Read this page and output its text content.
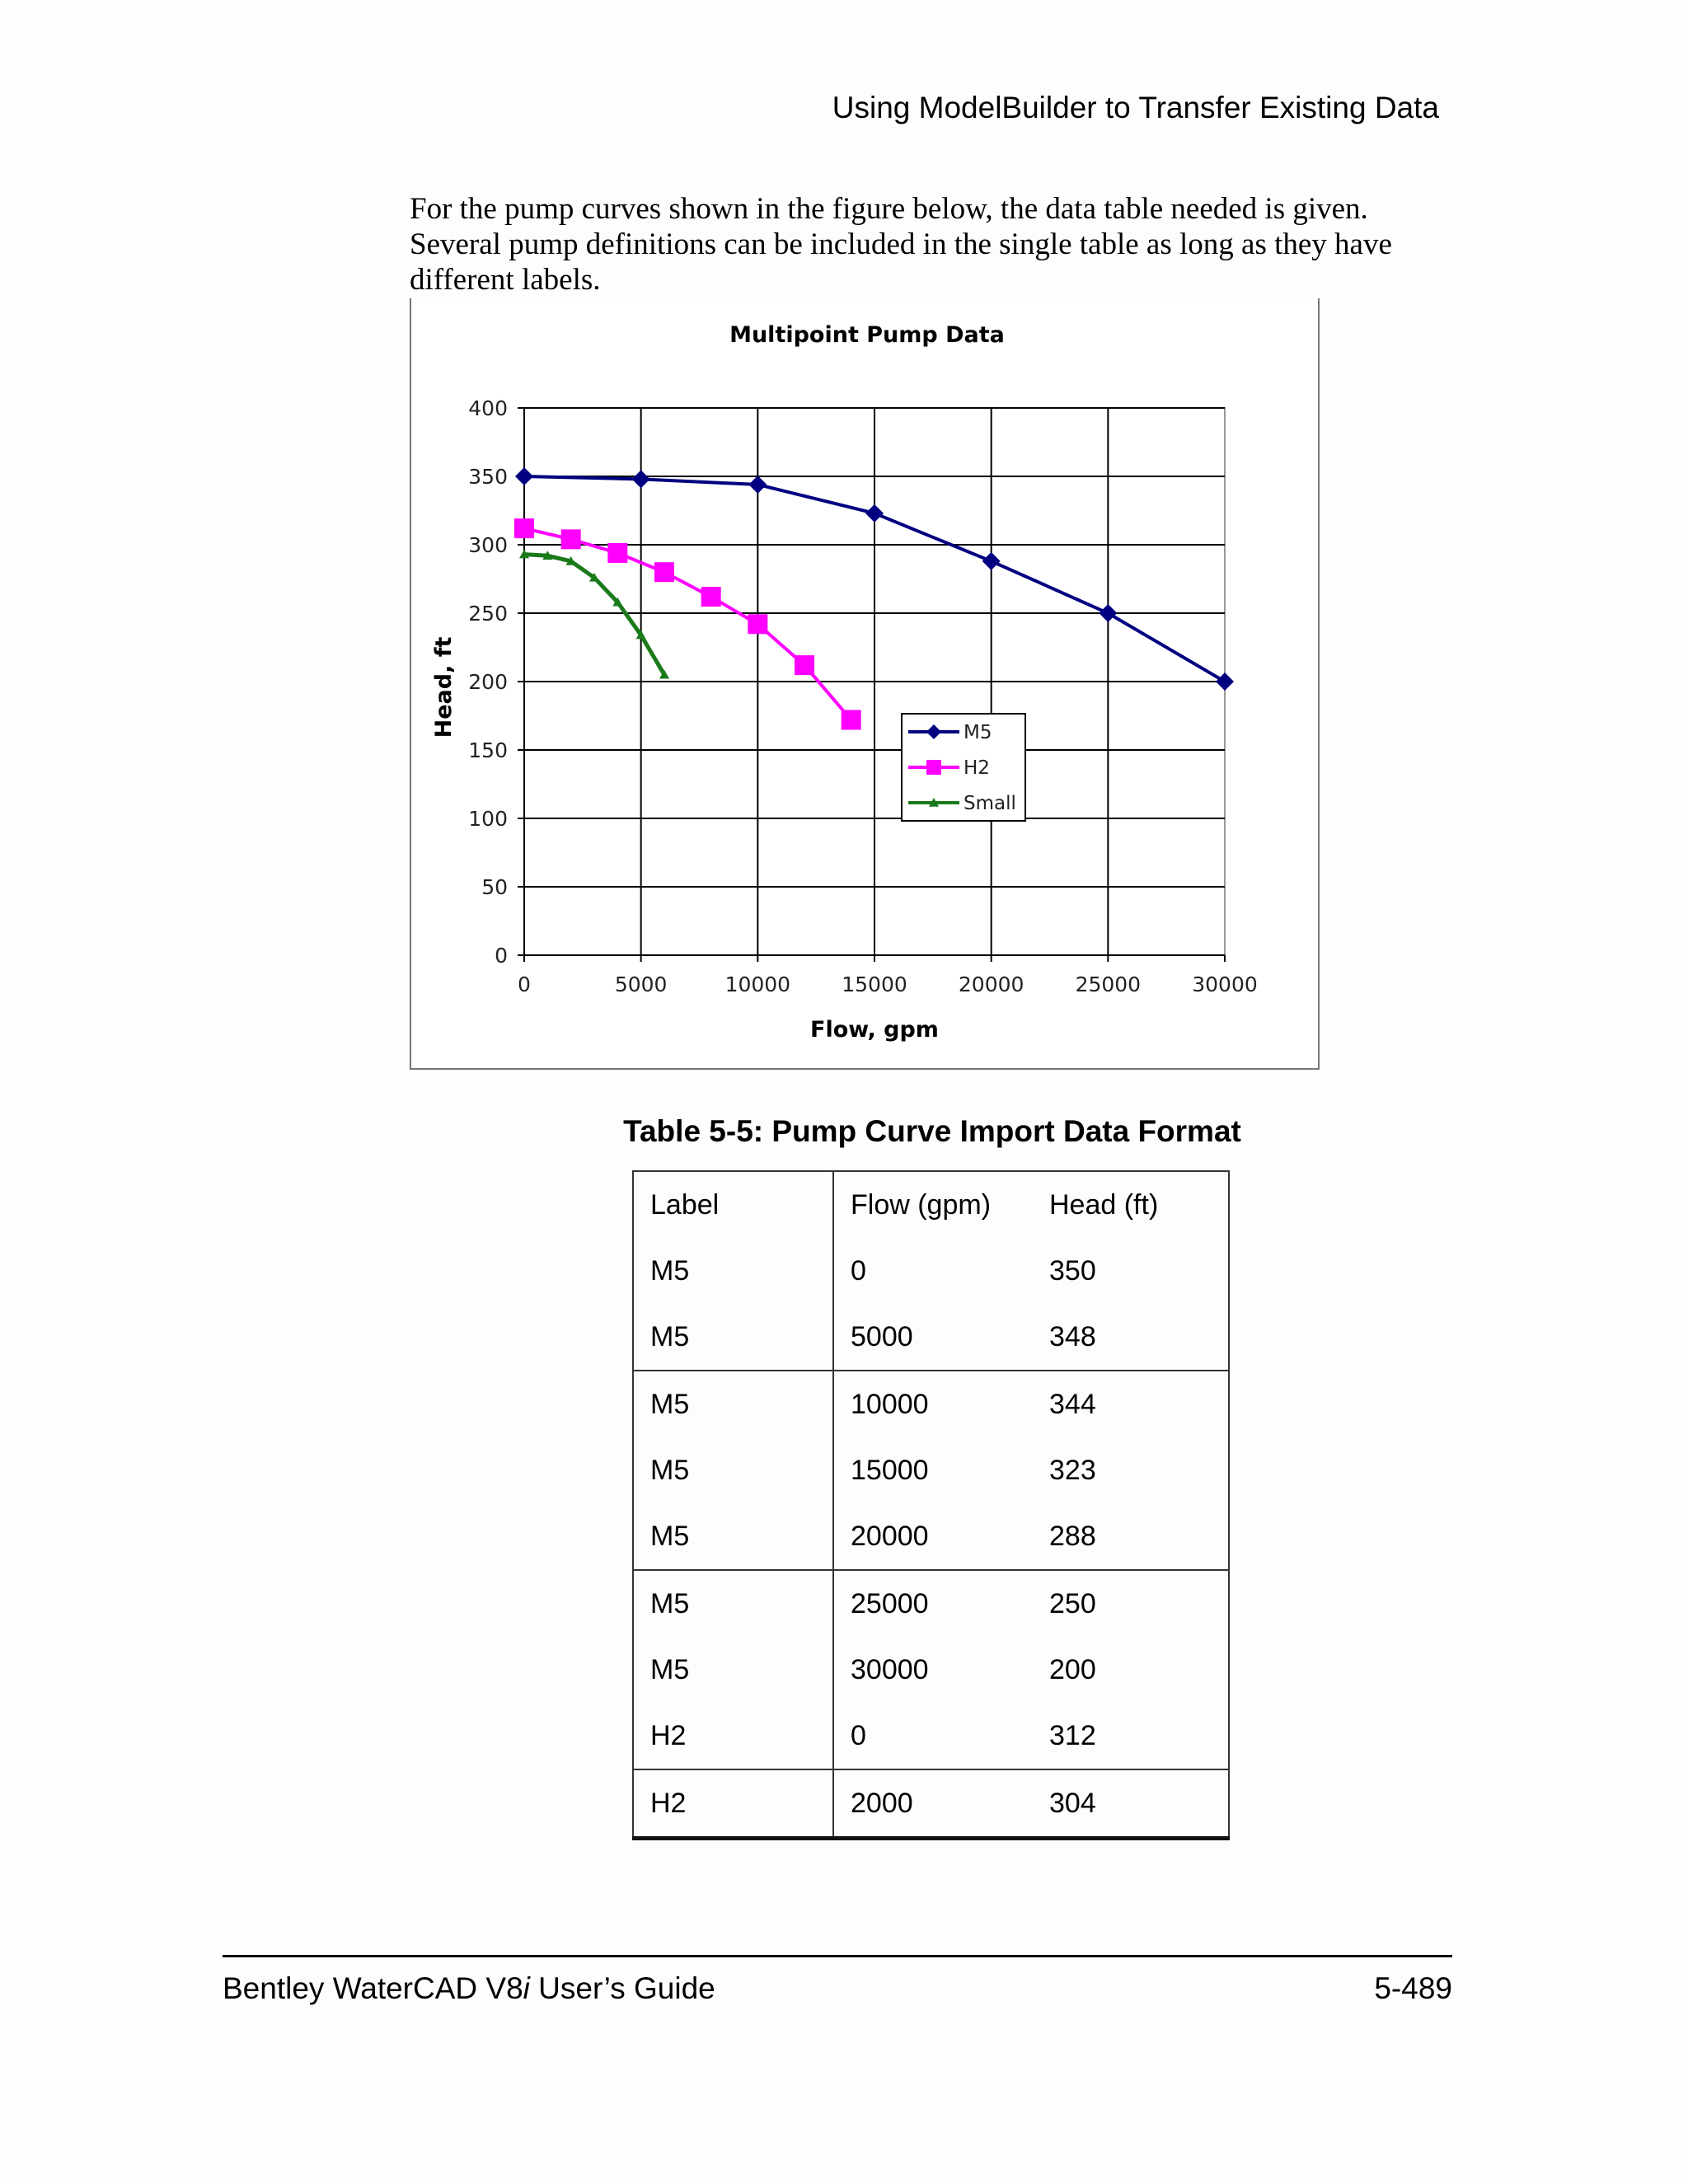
Using ModelBuilder to Transfer Existing Data
For the pump curves shown in the figure below, the data table needed is given. Several pump definitions can be included in the single table as long as they have different labels.
Multipoint Pump Data
Flow, gpm
Head, ft
0
50
100
150
200
250
300
350
400
0	5000	10000 15000 20000 25000 30000
M5
H2
Small
Table 5-5: Pump Curve Import Data Format
Label	Flow (gpm)	Head (ft)
M5	0	350
M5	5000	348
M5	10000	344
M5	15000	323
M5	20000	288
M5	25000	250
M5	30000	200
H2	0	312
H2	2000	304
Bentley WaterCAD V8i User’s Guide	5-489
